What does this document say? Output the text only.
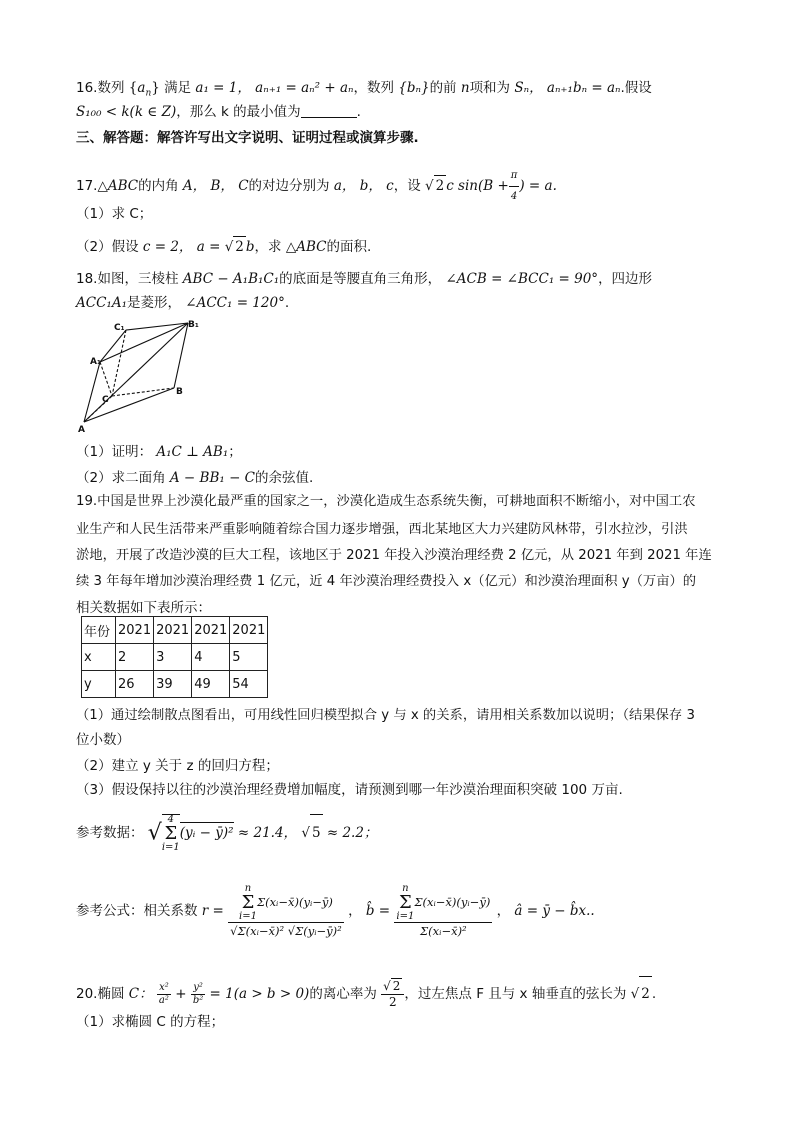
16.数列 $\{a_n\}$ 满足 a₁ = 1， aₙ₊₁ = aₙ² + aₙ，数列 {bₙ}的前 n项和为 Sₙ， aₙ₊₁bₙ = aₙ.假设
S₁₀₀ < k(k ∈ Z)，那么 k 的最小值为	.
三、解答题：解答许写出文字说明、证明过程或演算步骤.
17.△ABC的内角 A， B， C的对边分别为 a， b， c，设 √ 2 c $\sin(B + \frac{\pi}{4}$ ) = a.
（1）求 C；
（2）假设 c = 2， a = √ 2 b，求 △ABC的面积.
18.如图，三棱柱 ABC − A₁B₁C₁的底面是等腰直角三角形， ∠ACB = ∠BCC₁ = 90°，四边形
ACC₁A₁是菱形， ∠ACC₁ = 120°.
C₁	B₁
A₁
C
B
A
（1）证明： A₁C ⊥ AB₁；
（2）求二面角 A − BB₁ − C的余弦值.
19.中国是世界上沙漠化最严重的国家之一，沙漠化造成生态系统失衡，可耕地面积不断缩小，对中国工农
业生产和人民生活带来严重影响随着综合国力逐步增强，西北某地区大力兴建防风林带，引水拉沙，引洪
淤地，开展了改造沙漠的巨大工程，该地区于 2021 年投入沙漠治理经费 2 亿元，从 2021 年到 2021 年连
续 3 年每年增加沙漠治理经费 1 亿元，近 4 年沙漠治理经费投入 x（亿元）和沙漠治理面积 y（万亩）的
相关数据如下表所示：
年份	2021	2021	2021	2021
x	2	3	4	5
y	26	39	49	54
（1）通过绘制散点图看出，可用线性回归模型拟合 y 与 x 的关系，请用相关系数加以说明；（结果保存 3
位小数）
（2）建立 y 关于 z 的回归方程；
（3）假设保持以往的沙漠治理经费增加幅度，请预测到哪一年沙漠治理面积突破 100 万亩.
参考数据： √
4
Σ
i=1
(yᵢ − ȳ)² ≈ 21.4， √ 5 ≈ 2.2；
参考公式：相关系数 r = n
Σ
i=1
Σ(xᵢ−x̄)(yᵢ−ȳ)
√Σ(xᵢ−x̄)² √Σ(yᵢ−ȳ)² ， b̂ = n
Σ
i=1
Σ(xᵢ−x̄)(yᵢ−ȳ)
Σ(xᵢ−x̄)² ， â = ȳ − b̂x..
20.椭圆 C： $\frac{\text{x²}}{\text{a²}} + \frac{\text{y²}}{\text{b²}} = 1(a > b > 0)$的离心率为 $\frac{√ 2}{2}$ ，过左焦点 F 且与 x 轴垂直的弦长为 √ 2 .
（1）求椭圆 C 的方程；
